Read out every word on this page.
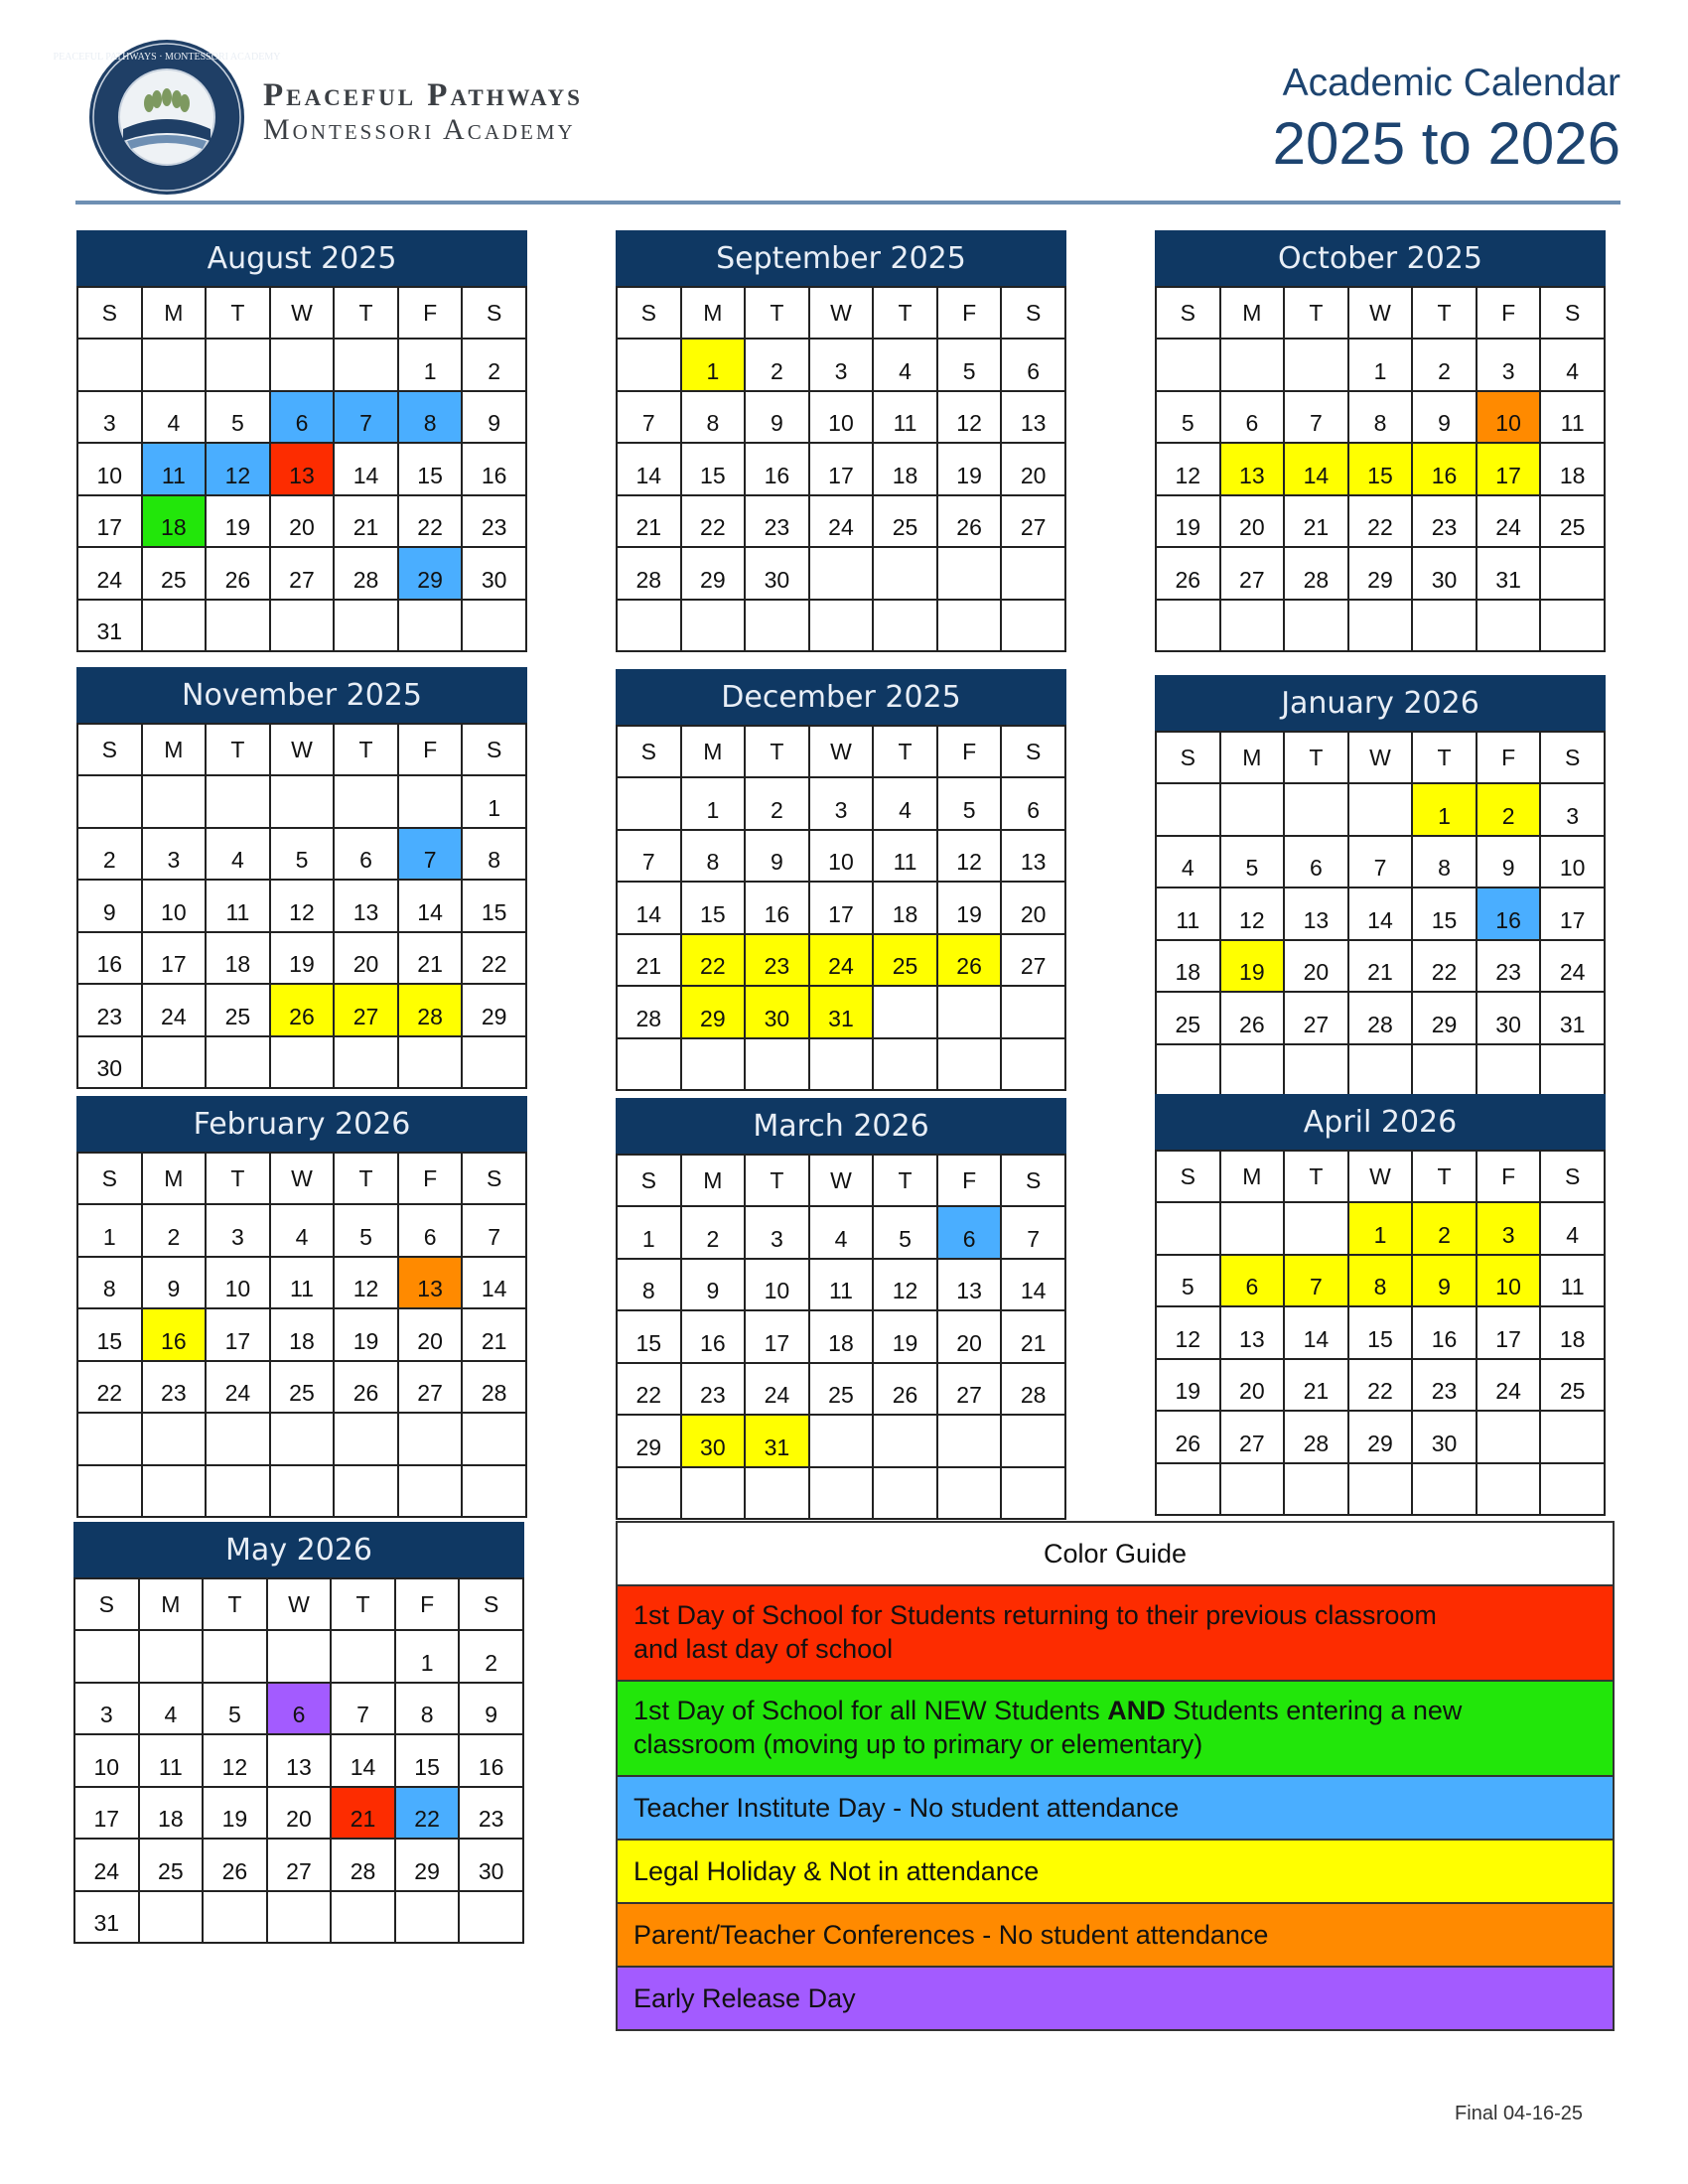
PEACEFUL PATHWAYS · MONTESSORI ACADEMY
Peaceful Pathways
Montessori Academy
Academic Calendar
2025 to 2026
August 2025
S	M	T	W	T	F	S
					1	2
3	4	5	6	7	8	9
10	11	12	13	14	15	16
17	18	19	20	21	22	23
24	25	26	27	28	29	30
31						
September 2025
S	M	T	W	T	F	S
	1	2	3	4	5	6
7	8	9	10	11	12	13
14	15	16	17	18	19	20
21	22	23	24	25	26	27
28	29	30				

October 2025
S	M	T	W	T	F	S
			1	2	3	4
5	6	7	8	9	10	11
12	13	14	15	16	17	18
19	20	21	22	23	24	25
26	27	28	29	30	31	

November 2025
S	M	T	W	T	F	S
						1
2	3	4	5	6	7	8
9	10	11	12	13	14	15
16	17	18	19	20	21	22
23	24	25	26	27	28	29
30						
December 2025
S	M	T	W	T	F	S
	1	2	3	4	5	6
7	8	9	10	11	12	13
14	15	16	17	18	19	20
21	22	23	24	25	26	27
28	29	30	31			

January 2026
S	M	T	W	T	F	S
				1	2	3
4	5	6	7	8	9	10
11	12	13	14	15	16	17
18	19	20	21	22	23	24
25	26	27	28	29	30	31

February 2026
S	M	T	W	T	F	S
1	2	3	4	5	6	7
8	9	10	11	12	13	14
15	16	17	18	19	20	21
22	23	24	25	26	27	28

March 2026
S	M	T	W	T	F	S
1	2	3	4	5	6	7
8	9	10	11	12	13	14
15	16	17	18	19	20	21
22	23	24	25	26	27	28
29	30	31				

April 2026
S	M	T	W	T	F	S
			1	2	3	4
5	6	7	8	9	10	11
12	13	14	15	16	17	18
19	20	21	22	23	24	25
26	27	28	29	30		

May 2026
S	M	T	W	T	F	S
					1	2
3	4	5	6	7	8	9
10	11	12	13	14	15	16
17	18	19	20	21	22	23
24	25	26	27	28	29	30
31						
Color Guide
1st Day of School for Students returning to their previous classroom
and last day of school
1st Day of School for all NEW Students AND Students entering a new
classroom (moving up to primary or elementary)
Teacher Institute Day - No student attendance
Legal Holiday & Not in attendance
Parent/Teacher Conferences - No student attendance
Early Release Day
Final 04-16-25
